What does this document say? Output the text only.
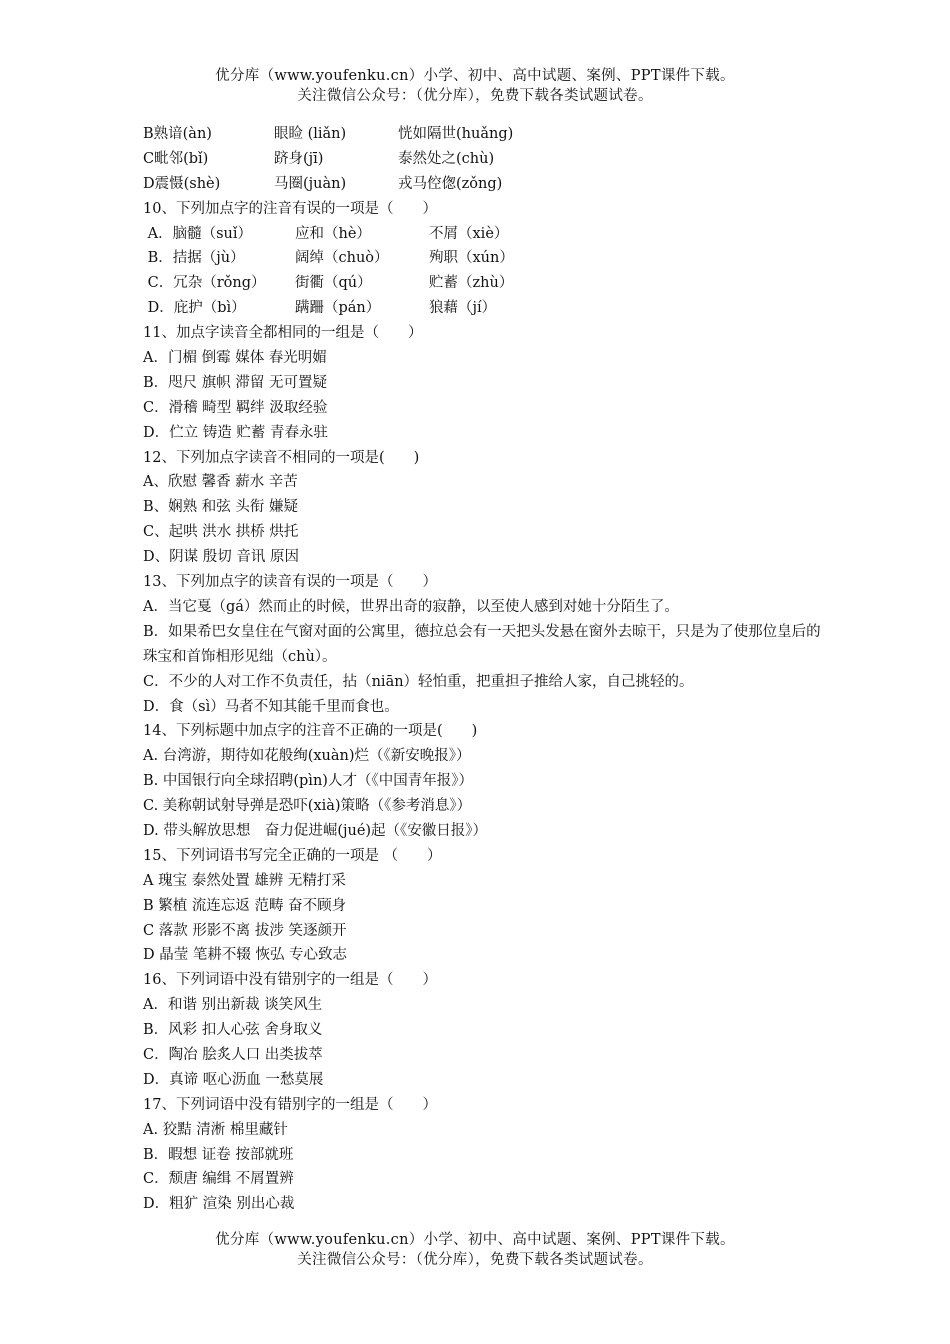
优分库（www.youfenku.cn）小学、初中、高中试题、案例、PPT课件下载。
关注微信公众号：（优分库），免费下载各类试题试卷。
B熟谙(àn)	眼睑 (liǎn)	恍如隔世(huǎng)
C毗邻(bǐ)	跻身(jī)	泰然处之(chù)
D震慑(shè)	马圈(juàn)	戎马倥偬(zǒng)
10、下列加点字的注音有误的一项是（　　）
A．脑髓（suǐ）	应和（hè）	不屑（xiè）
B．拮据（jù）	阔绰（chuò）	殉职（xún）
C．冗杂（rǒng） 街衢（qú）	贮蓄（zhù）
D．庇护（bì）	蹒跚（pán）	狼藉（jí）
11、加点字读音全都相同的一组是（　　）
A．门楣 倒霉 媒体 春光明媚
B．咫尺 旗帜 滞留 无可置疑
C．滑稽 畸型 羁绊 汲取经验
D．伫立 铸造 贮蓄 青春永驻
12、下列加点字读音不相同的一项是(　　)
A、欣慰 馨香 薪水 辛苦
B、娴熟 和弦 头衔 嫌疑
C、起哄 洪水 拱桥 烘托
D、阴谋 殷切 音讯 原因
13、下列加点字的读音有误的一项是（　　）
A．当它戛（gá）然而止的时候，世界出奇的寂静，以至使人感到对她十分陌生了。
B．如果希巴女皇住在气窗对面的公寓里，德拉总会有一天把头发悬在窗外去晾干，只是为了使那位皇后的珠宝和首饰相形见绌（chù）。
C．不少的人对工作不负责任，拈（niān）轻怕重，把重担子推给人家，自己挑轻的。
D．食（sì）马者不知其能千里而食也。
14、下列标题中加点字的注音不正确的一项是(　　)
A. 台湾游，期待如花般绚(xuàn)烂（《新安晚报》）
B. 中国银行向全球招聘(pìn)人才（《中国青年报》）
C. 美称朝试射导弹是恐吓(xià)策略（《参考消息》）
D. 带头解放思想　奋力促进崛(jué)起（《安徽日报》）
15、下列词语书写完全正确的一项是 （　　）
A 瑰宝 泰然处置 雄辨 无精打采
B 繁植 流连忘返 范畴 奋不顾身
C 落款 形影不离 拔涉 笑逐颜开
D 晶莹 笔耕不辍 恢弘 专心致志
16、下列词语中没有错别字的一组是（　　）
A．和谐 别出新裁 谈笑风生
B．风彩 扣人心弦 舍身取义
C．陶冶 脍炙人口 出类拔萃
D．真谛 呕心沥血 一愁莫展
17、下列词语中没有错别字的一组是（　　）
A. 狡黠 清淅 棉里藏针
B．暇想 证卷 按部就班
C．颓唐 编缉 不屑置辨
D．粗犷 渲染 别出心裁
优分库（www.youfenku.cn）小学、初中、高中试题、案例、PPT课件下载。
关注微信公众号：（优分库），免费下载各类试题试卷。
